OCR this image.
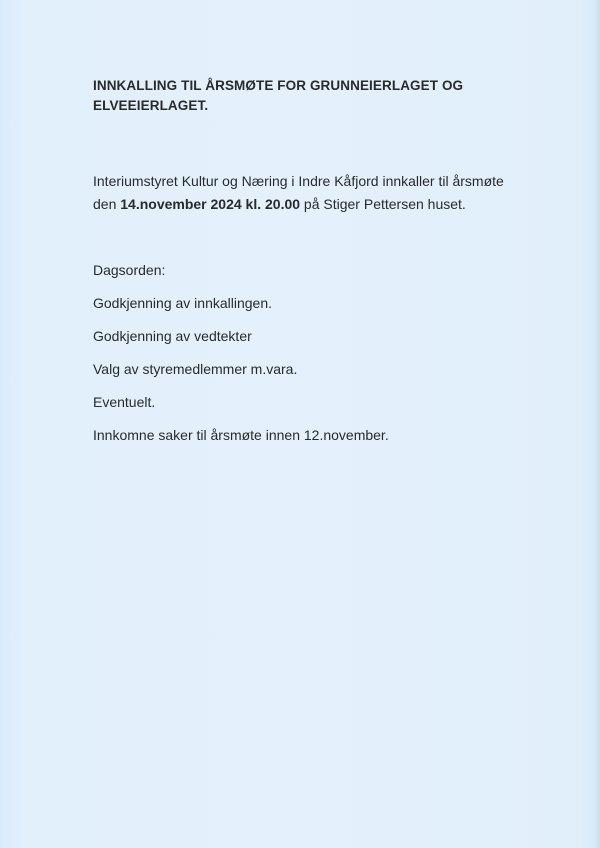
INNKALLING TIL ÅRSMØTE FOR GRUNNEIERLAGET OG
ELVEEIERLAGET.
Interiumstyret Kultur og Næring i Indre Kåfjord innkaller til årsmøte
den 14.november 2024 kl. 20.00 på Stiger Pettersen huset.

Dagsorden:

Godkjenning av innkallingen.

Godkjenning av vedtekter

Valg av styremedlemmer m.vara.

Eventuelt.

Innkomne saker til årsmøte innen 12.november.
